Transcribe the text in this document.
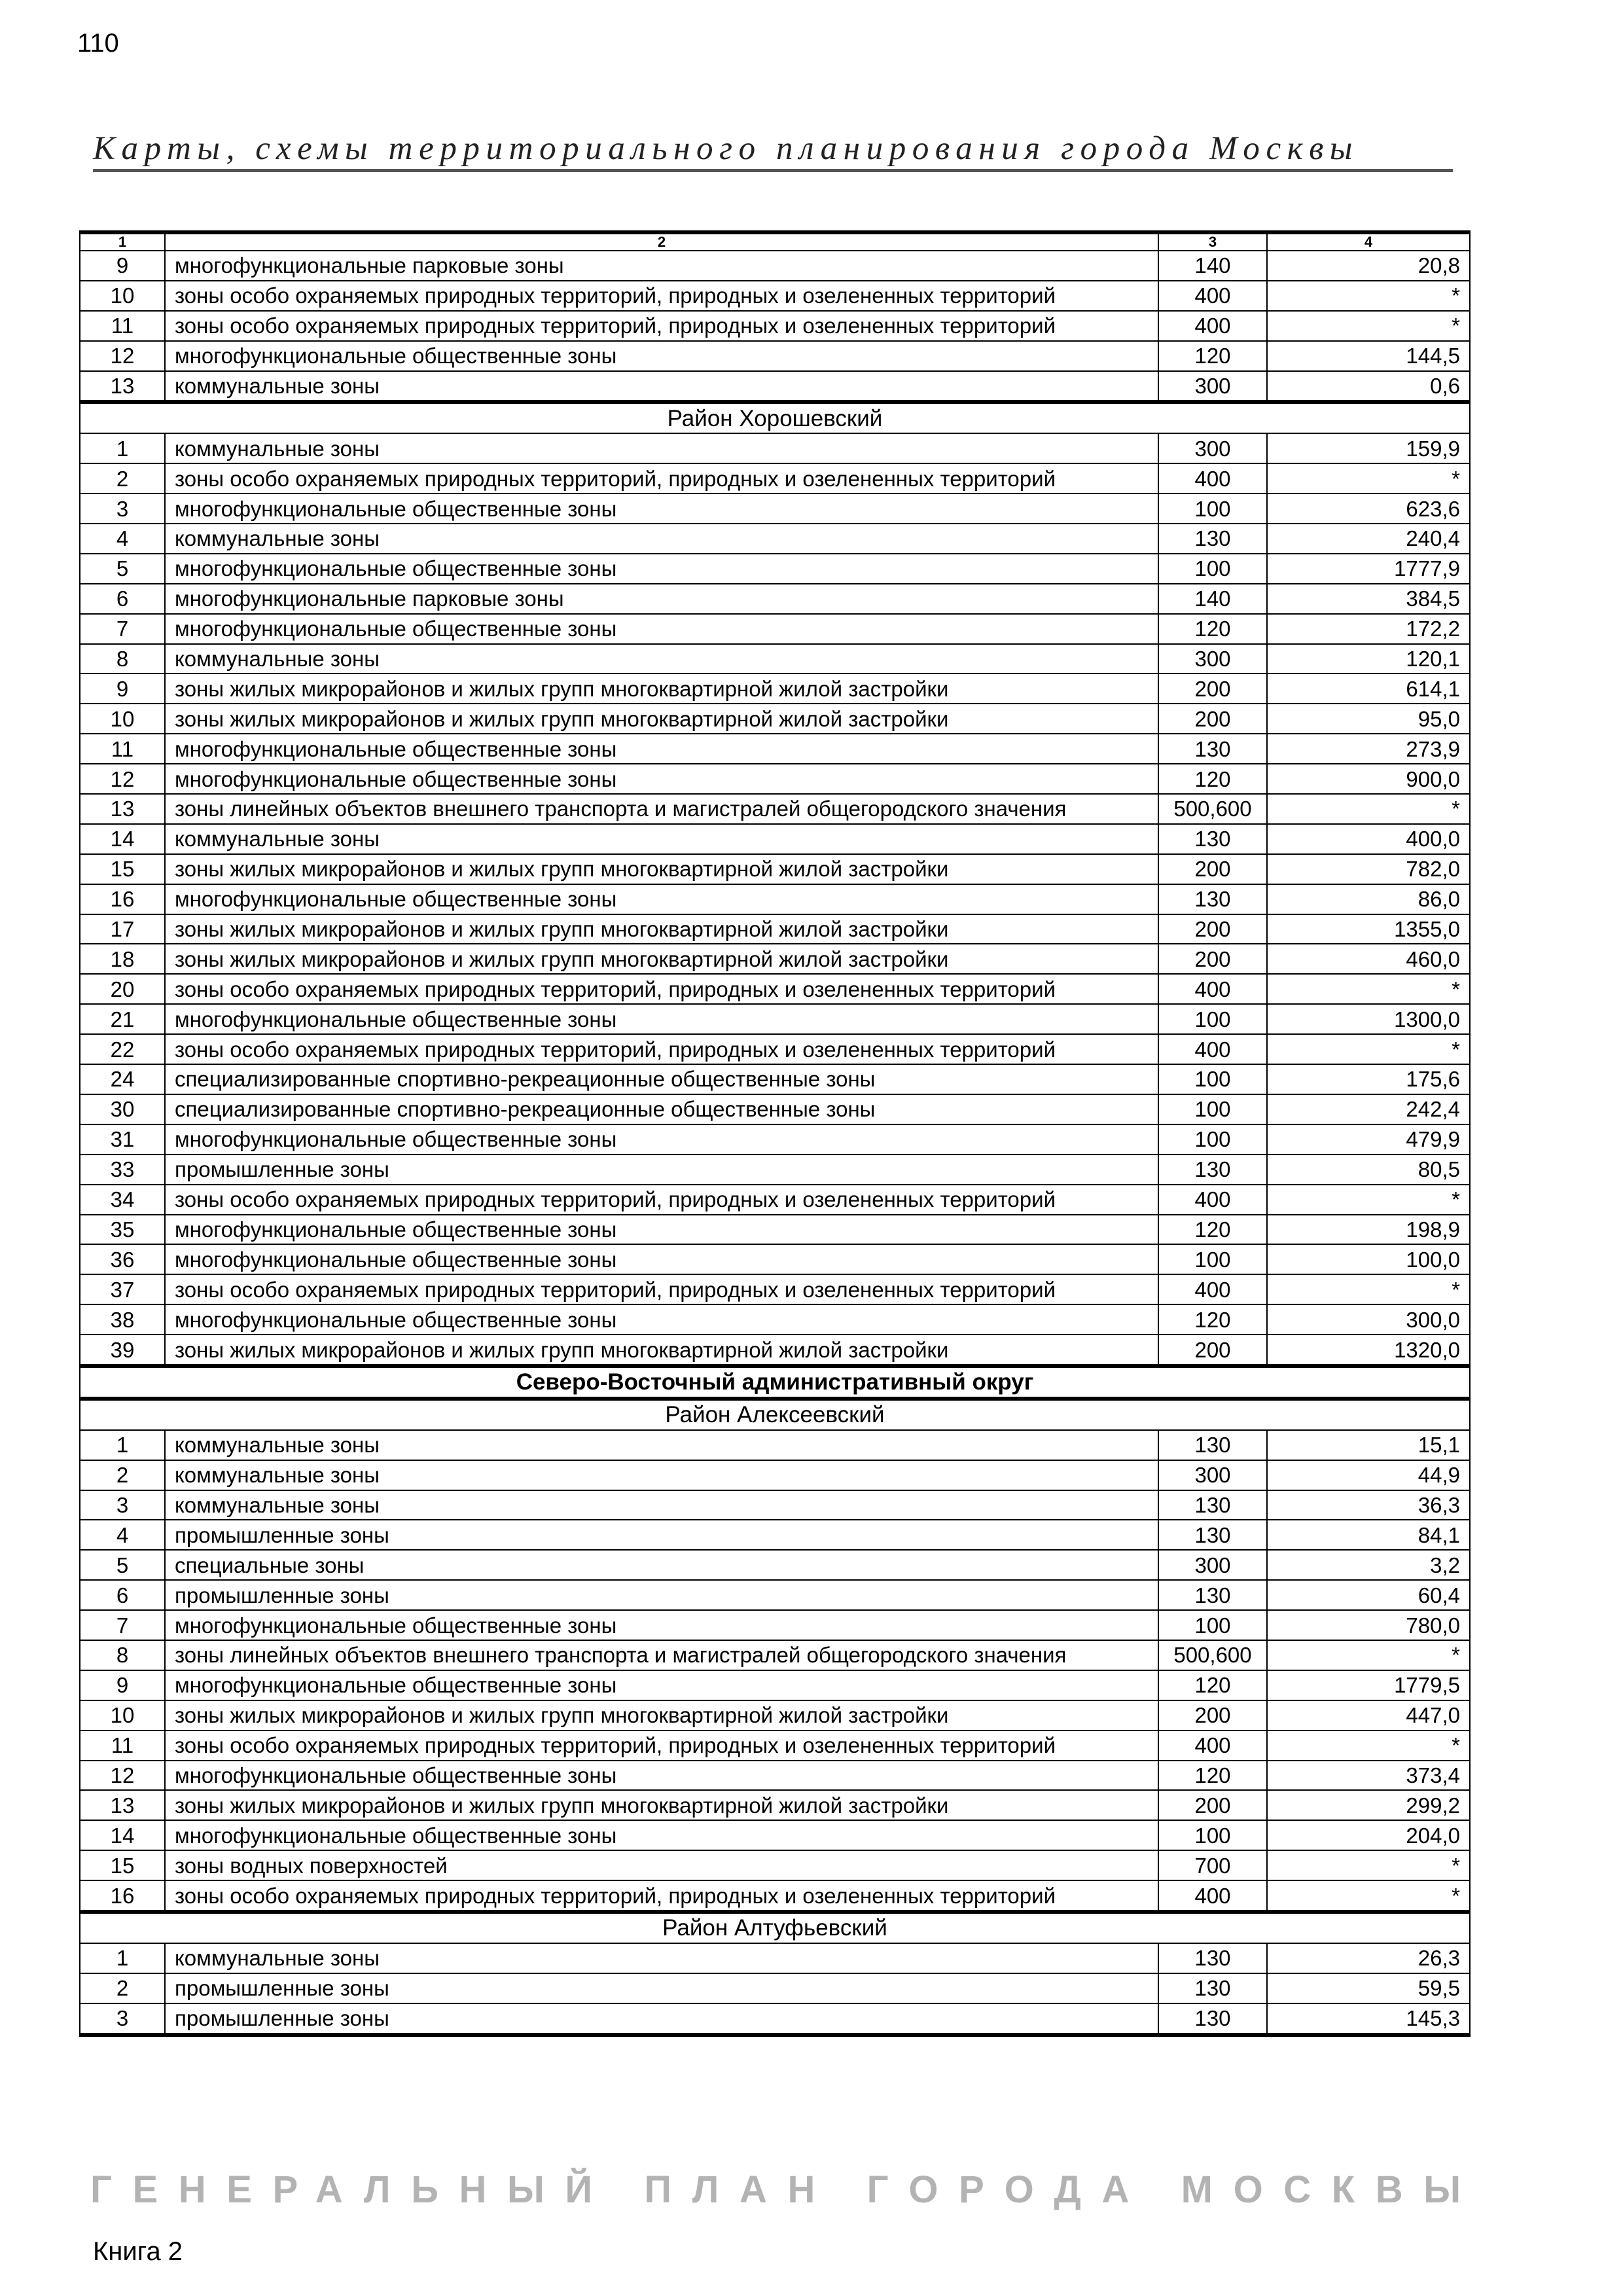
110
Карты, схемы территориального планирования города Москвы
1	2	3	4
9	многофункциональные парковые зоны	140	20,8
10	зоны особо охраняемых природных территорий, природных и озелененных территорий	400	*
11	зоны особо охраняемых природных территорий, природных и озелененных территорий	400	*
12	многофункциональные общественные зоны	120	144,5
13	коммунальные зоны	300	0,6
Район Хорошевский			
1	коммунальные зоны	300	159,9
2	зоны особо охраняемых природных территорий, природных и озелененных территорий	400	*
3	многофункциональные общественные зоны	100	623,6
4	коммунальные зоны	130	240,4
5	многофункциональные общественные зоны	100	1777,9
6	многофункциональные парковые зоны	140	384,5
7	многофункциональные общественные зоны	120	172,2
8	коммунальные зоны	300	120,1
9	зоны жилых микрорайонов и жилых групп многоквартирной жилой застройки	200	614,1
10	зоны жилых микрорайонов и жилых групп многоквартирной жилой застройки	200	95,0
11	многофункциональные общественные зоны	130	273,9
12	многофункциональные общественные зоны	120	900,0
13	зоны линейных объектов внешнего транспорта и магистралей общегородского значения	500,600	*
14	коммунальные зоны	130	400,0
15	зоны жилых микрорайонов и жилых групп многоквартирной жилой застройки	200	782,0
16	многофункциональные общественные зоны	130	86,0
17	зоны жилых микрорайонов и жилых групп многоквартирной жилой застройки	200	1355,0
18	зоны жилых микрорайонов и жилых групп многоквартирной жилой застройки	200	460,0
20	зоны особо охраняемых природных территорий, природных и озелененных территорий	400	*
21	многофункциональные общественные зоны	100	1300,0
22	зоны особо охраняемых природных территорий, природных и озелененных территорий	400	*
24	специализированные спортивно-рекреационные общественные зоны	100	175,6
30	специализированные спортивно-рекреационные общественные зоны	100	242,4
31	многофункциональные общественные зоны	100	479,9
33	промышленные зоны	130	80,5
34	зоны особо охраняемых природных территорий, природных и озелененных территорий	400	*
35	многофункциональные общественные зоны	120	198,9
36	многофункциональные общественные зоны	100	100,0
37	зоны особо охраняемых природных территорий, природных и озелененных территорий	400	*
38	многофункциональные общественные зоны	120	300,0
39	зоны жилых микрорайонов и жилых групп многоквартирной жилой застройки	200	1320,0
Северо-Восточный административный округ			
Район Алексеевский			
1	коммунальные зоны	130	15,1
2	коммунальные зоны	300	44,9
3	коммунальные зоны	130	36,3
4	промышленные зоны	130	84,1
5	специальные зоны	300	3,2
6	промышленные зоны	130	60,4
7	многофункциональные общественные зоны	100	780,0
8	зоны линейных объектов внешнего транспорта и магистралей общегородского значения	500,600	*
9	многофункциональные общественные зоны	120	1779,5
10	зоны жилых микрорайонов и жилых групп многоквартирной жилой застройки	200	447,0
11	зоны особо охраняемых природных территорий, природных и озелененных территорий	400	*
12	многофункциональные общественные зоны	120	373,4
13	зоны жилых микрорайонов и жилых групп многоквартирной жилой застройки	200	299,2
14	многофункциональные общественные зоны	100	204,0
15	зоны водных поверхностей	700	*
16	зоны особо охраняемых природных территорий, природных и озелененных территорий	400	*
Район Алтуфьевский			
1	коммунальные зоны	130	26,3
2	промышленные зоны	130	59,5
3	промышленные зоны	130	145,3
ГЕНЕРАЛЬНЫЙ ПЛАН ГОРОДА МОСКВЫ
Книга 2
